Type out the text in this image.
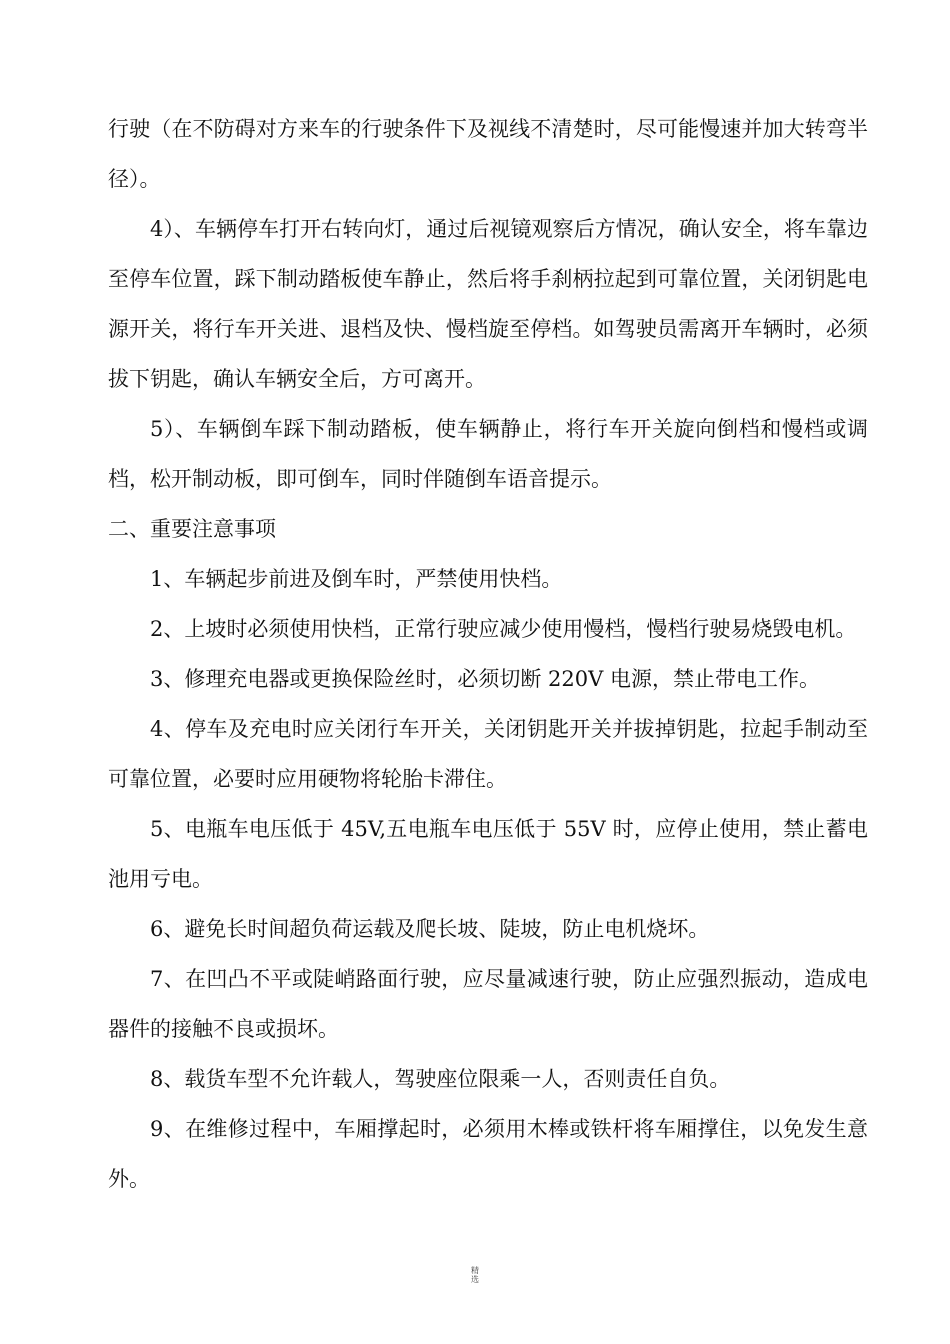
行驶（在不防碍对方来车的行驶条件下及视线不清楚时，尽可能慢速并加大转弯半径）。

4）、车辆停车打开右转向灯，通过后视镜观察后方情况，确认安全，将车靠边至停车位置，踩下制动踏板使车静止，然后将手刹柄拉起到可靠位置，关闭钥匙电源开关，将行车开关进、退档及快、慢档旋至停档。如驾驶员需离开车辆时，必须拔下钥匙，确认车辆安全后，方可离开。

5）、车辆倒车踩下制动踏板，使车辆静止，将行车开关旋向倒档和慢档或调档，松开制动板，即可倒车，同时伴随倒车语音提示。

二、重要注意事项

1、车辆起步前进及倒车时，严禁使用快档。

2、上坡时必须使用快档，正常行驶应减少使用慢档，慢档行驶易烧毁电机。

3、修理充电器或更换保险丝时，必须切断 220V 电源，禁止带电工作。

4、停车及充电时应关闭行车开关，关闭钥匙开关并拔掉钥匙，拉起手制动至可靠位置，必要时应用硬物将轮胎卡滞住。

5、电瓶车电压低于 45V,五电瓶车电压低于 55V 时，应停止使用，禁止蓄电池用亏电。

6、避免长时间超负荷运载及爬长坡、陡坡，防止电机烧坏。

7、在凹凸不平或陡峭路面行驶，应尽量减速行驶，防止应强烈振动，造成电器件的接触不良或损坏。

8、载货车型不允许载人，驾驶座位限乘一人，否则责任自负。

9、在维修过程中，车厢撑起时，必须用木棒或铁杆将车厢撑住，以免发生意外。

精
选
